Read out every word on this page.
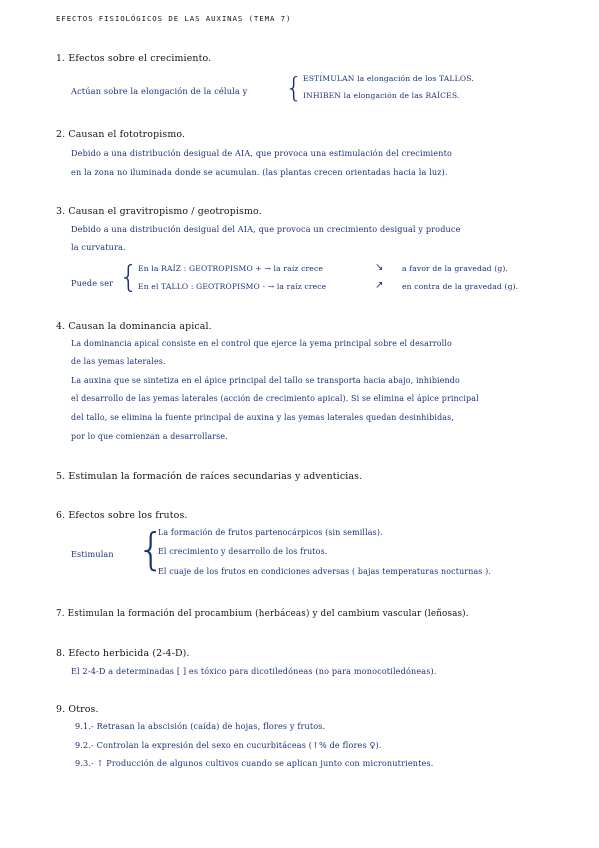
EFECTOS FISIOLÓGICOS DE LAS AUXINAS (TEMA 7)
1. Efectos sobre el crecimiento.
Actúan sobre la elongación de la célula y { ESTIMULAN la elongación de los TALLOS.
INHIBEN la elongación de las RAÍCES.
2. Causan el fototropismo.
Debido a una distribución desigual de AIA, que provoca una estimulación del crecimiento
en la zona no iluminada donde se acumulan. (las plantas crecen orientadas hacia la luz).
3. Causan el gravitropismo / geotropismo.
Debido a una distribución desigual del AIA, que provoca un crecimiento desigual y produce
la curvatura.
Puede ser { En la RAÍZ : GEOTROPISMO + → la raíz crece	↘ a favor de la gravedad (g).
En el TALLO : GEOTROPISMO - → la raíz crece	↗ en contra de la gravedad (g).
4. Causan la dominancia apical.
La dominancia apical consiste en el control que ejerce la yema principal sobre el desarrollo
de las yemas laterales.
La auxina que se sintetiza en el ápice principal del tallo se transporta hacia abajo, inhibiendo
el desarrollo de las yemas laterales (acción de crecimiento apical). Si se elimina el ápice principal
del tallo, se elimina la fuente principal de auxina y las yemas laterales quedan desinhibidas,
por lo que comienzan a desarrollarse.
5. Estimulan la formación de raíces secundarias y adventicias.
6. Efectos sobre los frutos.
Estimulan {
La formación de frutos partenocárpicos (sin semillas).
El crecimiento y desarrollo de los frutos.
El cuaje de los frutos en condiciones adversas ( bajas temperaturas nocturnas ).
7. Estimulan la formación del procambium (herbáceas) y del cambium vascular (leñosas).
8. Efecto herbicida (2-4-D).
El 2-4-D a determinadas [ ] es tóxico para dicotiledóneas (no para monocotiledóneas).
9. Otros.
9.1.- Retrasan la abscisión (caída) de hojas, flores y frutos.
9.2.- Controlan la expresión del sexo en cucurbitáceas (↑% de flores ♀).
9.3.- ↑ Producción de algunos cultivos cuando se aplican junto con micronutrientes.
